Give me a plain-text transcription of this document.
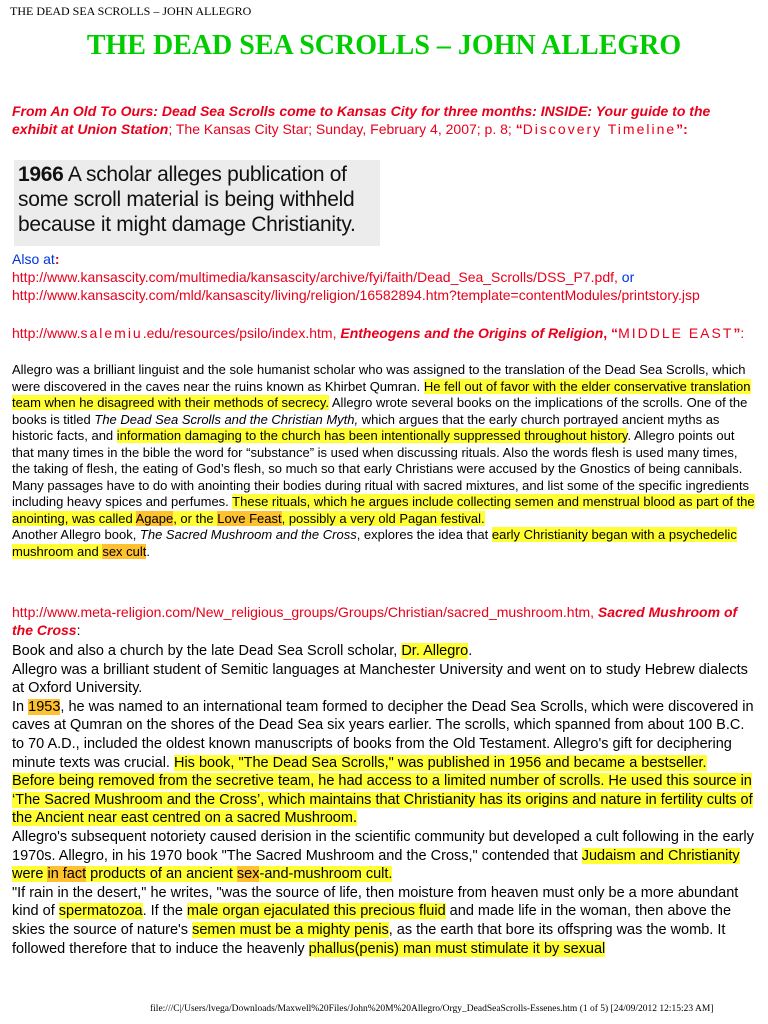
THE DEAD SEA SCROLLS – JOHN ALLEGRO
THE DEAD SEA SCROLLS – JOHN ALLEGRO
From An Old To Ours: Dead Sea Scrolls come to Kansas City for three months: INSIDE: Your guide to the exhibit at Union Station; The Kansas City Star; Sunday, February 4, 2007; p. 8; “Discovery Timeline”:
1966 A scholar alleges publication of some scroll material is being withheld because it might damage Christianity.
Also at:
http://www.kansascity.com/multimedia/kansascity/archive/fyi/faith/Dead_Sea_Scrolls/DSS_P7.pdf, or http://www.kansascity.com/mld/kansascity/living/religion/16582894.htm?template=contentModules/printstory.jsp
http://www.salemiu.edu/resources/psilo/index.htm, Entheogens and the Origins of Religion, “MIDDLE EAST”:
Allegro was a brilliant linguist and the sole humanist scholar who was assigned to the translation of the Dead Sea Scrolls, which were discovered in the caves near the ruins known as Khirbet Qumran. He fell out of favor with the elder conservative translation team when he disagreed with their methods of secrecy. Allegro wrote several books on the implications of the scrolls. One of the books is titled The Dead Sea Scrolls and the Christian Myth, which argues that the early church portrayed ancient myths as historic facts, and information damaging to the church has been intentionally suppressed throughout history. Allegro points out that many times in the bible the word for “substance” is used when discussing rituals. Also the words flesh is used many times, the taking of flesh, the eating of God’s flesh, so much so that early Christians were accused by the Gnostics of being cannibals. Many passages have to do with anointing their bodies during ritual with sacred mixtures, and list some of the specific ingredients including heavy spices and perfumes. These rituals, which he argues include collecting semen and menstrual blood as part of the anointing, was called Agape, or the Love Feast, possibly a very old Pagan festival.
Another Allegro book, The Sacred Mushroom and the Cross, explores the idea that early Christianity began with a psychedelic mushroom and sex cult.
http://www.meta-religion.com/New_religious_groups/Groups/Christian/sacred_mushroom.htm, Sacred Mushroom of the Cross:
Book and also a church by the late Dead Sea Scroll scholar, Dr. Allegro.
Allegro was a brilliant student of Semitic languages at Manchester University and went on to study Hebrew dialects at Oxford University.
In 1953, he was named to an international team formed to decipher the Dead Sea Scrolls, which were discovered in caves at Qumran on the shores of the Dead Sea six years earlier. The scrolls, which spanned from about 100 B.C. to 70 A.D., included the oldest known manuscripts of books from the Old Testament. Allegro's gift for deciphering minute texts was crucial. His book, "The Dead Sea Scrolls," was published in 1956 and became a bestseller.
Before being removed from the secretive team, he had access to a limited number of scrolls. He used this source in ‘The Sacred Mushroom and the Cross’, which maintains that Christianity has its origins and nature in fertility cults of the Ancient near east centred on a sacred Mushroom.
Allegro's subsequent notoriety caused derision in the scientific community but developed a cult following in the early 1970s. Allegro, in his 1970 book "The Sacred Mushroom and the Cross," contended that Judaism and Christianity were in fact products of an ancient sex-and-mushroom cult.
"If rain in the desert," he writes, "was the source of life, then moisture from heaven must only be a more abundant kind of spermatozoa. If the male organ ejaculated this precious fluid and made life in the woman, then above the skies the source of nature's semen must be a mighty penis, as the earth that bore its offspring was the womb. It followed therefore that to induce the heavenly phallus(penis) man must stimulate it by sexual
file:///C|/Users/lvega/Downloads/Maxwell%20Files/John%20M%20Allegro/Orgy_DeadSeaScrolls-Essenes.htm (1 of 5) [24/09/2012 12:15:23 AM]
